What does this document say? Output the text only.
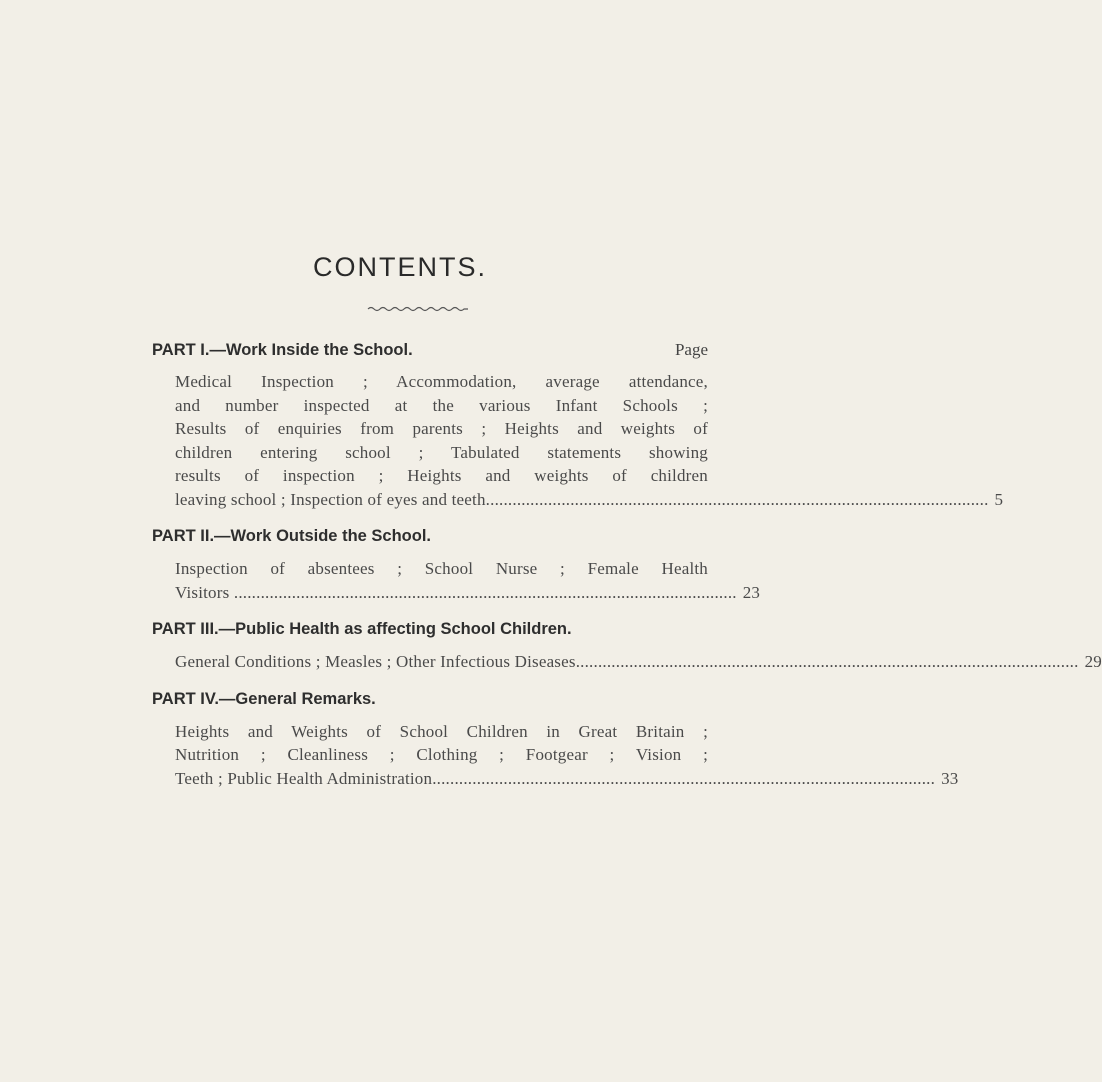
CONTENTS.
PART I.—Work Inside the School.	Page

Medical Inspection ; Accommodation, average attendance,

and number inspected at the various Infant Schools ;

Results of enquiries from parents ; Heights and weights of

children entering school ; Tabulated statements showing

results of inspection ; Heights and weights of children

leaving school ; Inspection of eyes and teeth................................................................................................................. 5

PART II.—Work Outside the School.

Inspection of absentees ; School Nurse ; Female Health

Visitors ................................................................................................................. 23

PART III.—Public Health as affecting School Children.

General Conditions ; Measles ; Other Infectious Diseases................................................................................................................. 29

PART IV.—General Remarks.

Heights and Weights of School Children in Great Britain ;

Nutrition ; Cleanliness ; Clothing ; Footgear ; Vision ;

Teeth ; Public Health Administration................................................................................................................. 33
